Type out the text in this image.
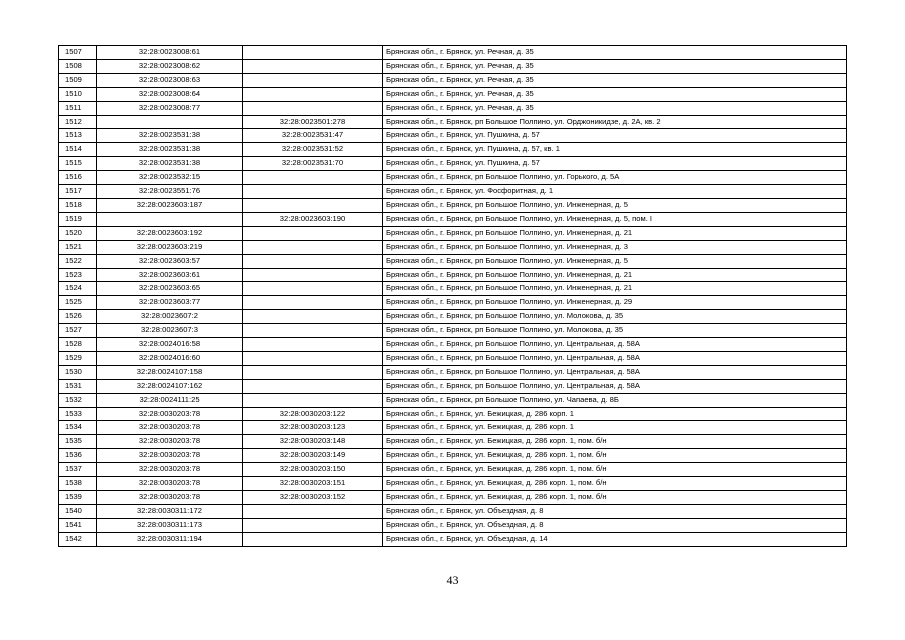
1507	32:28:0023008:61		Брянская обл., г. Брянск, ул. Речная, д. 35
1508	32:28:0023008:62		Брянская обл., г. Брянск, ул. Речная, д. 35
1509	32:28:0023008:63		Брянская обл., г. Брянск, ул. Речная, д. 35
1510	32:28:0023008:64		Брянская обл., г. Брянск, ул. Речная, д. 35
1511	32:28:0023008:77		Брянская обл., г. Брянск, ул. Речная, д. 35
1512		32:28:0023501:278	Брянская обл., г. Брянск, рп Большое Полпино, ул. Орджоникидзе, д. 2А, кв. 2
1513	32:28:0023531:38	32:28:0023531:47	Брянская обл., г. Брянск, ул. Пушкина, д. 57
1514	32:28:0023531:38	32:28:0023531:52	Брянская обл., г. Брянск, ул. Пушкина, д. 57, кв. 1
1515	32:28:0023531:38	32:28:0023531:70	Брянская обл., г. Брянск, ул. Пушкина, д. 57
1516	32:28:0023532:15		Брянская обл., г. Брянск, рп Большое Полпино, ул. Горького, д. 5А
1517	32:28:0023551:76		Брянская обл., г. Брянск, ул. Фосфоритная, д. 1
1518	32:28:0023603:187		Брянская обл., г. Брянск, рп Большое Полпино, ул. Инженерная, д. 5
1519		32:28:0023603:190	Брянская обл., г. Брянск, рп Большое Полпино, ул. Инженерная, д. 5, пом. I
1520	32:28:0023603:192		Брянская обл., г. Брянск, рп Большое Полпино, ул. Инженерная, д. 21
1521	32:28:0023603:219		Брянская обл., г. Брянск, рп Большое Полпино, ул. Инженерная, д. 3
1522	32:28:0023603:57		Брянская обл., г. Брянск, рп Большое Полпино, ул. Инженерная, д. 5
1523	32:28:0023603:61		Брянская обл., г. Брянск, рп Большое Полпино, ул. Инженерная, д. 21
1524	32:28:0023603:65		Брянская обл., г. Брянск, рп Большое Полпино, ул. Инженерная, д. 21
1525	32:28:0023603:77		Брянская обл., г. Брянск, рп Большое Полпино, ул. Инженерная, д. 29
1526	32:28:0023607:2		Брянская обл., г. Брянск, рп Большое Полпино, ул. Молокова, д. 35
1527	32:28:0023607:3		Брянская обл., г. Брянск, рп Большое Полпино, ул. Молокова, д. 35
1528	32:28:0024016:58		Брянская обл., г. Брянск, рп Большое Полпино, ул. Центральная, д. 58А
1529	32:28:0024016:60		Брянская обл., г. Брянск, рп Большое Полпино, ул. Центральная, д. 58А
1530	32:28:0024107:158		Брянская обл., г. Брянск, рп Большое Полпино, ул. Центральная, д. 58А
1531	32:28:0024107:162		Брянская обл., г. Брянск, рп Большое Полпино, ул. Центральная, д. 58А
1532	32:28:0024111:25		Брянская обл., г. Брянск, рп Большое Полпино, ул. Чапаева, д. 8Б
1533	32:28:0030203:78	32:28:0030203:122	Брянская обл., г. Брянск, ул. Бежицкая, д. 286 корп. 1
1534	32:28:0030203:78	32:28:0030203:123	Брянская обл., г. Брянск, ул. Бежицкая, д. 286 корп. 1
1535	32:28:0030203:78	32:28:0030203:148	Брянская обл., г. Брянск, ул. Бежицкая, д. 286 корп. 1, пом. б/н
1536	32:28:0030203:78	32:28:0030203:149	Брянская обл., г. Брянск, ул. Бежицкая, д. 286 корп. 1, пом. б/н
1537	32:28:0030203:78	32:28:0030203:150	Брянская обл., г. Брянск, ул. Бежицкая, д. 286 корп. 1, пом. б/н
1538	32:28:0030203:78	32:28:0030203:151	Брянская обл., г. Брянск, ул. Бежицкая, д. 286 корп. 1, пом. б/н
1539	32:28:0030203:78	32:28:0030203:152	Брянская обл., г. Брянск, ул. Бежицкая, д. 286 корп. 1, пом. б/н
1540	32:28:0030311:172		Брянская обл., г. Брянск, ул. Объездная, д. 8
1541	32:28:0030311:173		Брянская обл., г. Брянск, ул. Объездная, д. 8
1542	32:28:0030311:194		Брянская обл., г. Брянск, ул. Объездная, д. 14
43
